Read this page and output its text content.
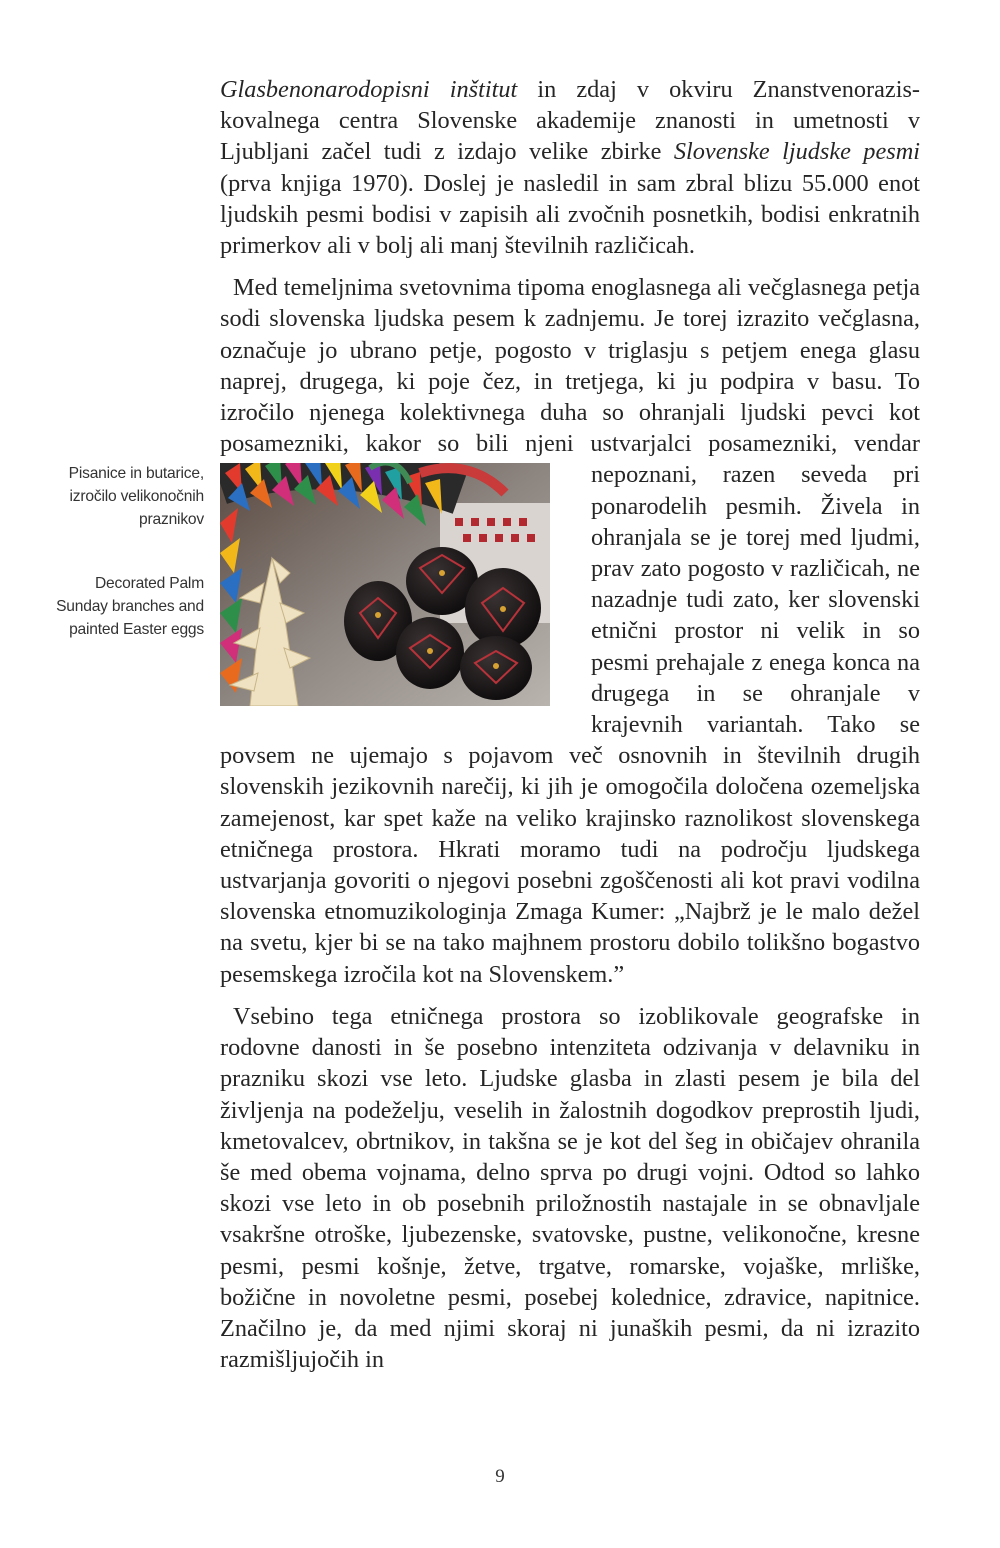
Glasbenonarodopisni inštitut in zdaj v okviru Znanstvenoraziskovalnega centra Slovenske akademije znanosti in umetnosti v Ljubljani začel tudi z izdajo velike zbirke Slovenske ljudske pesmi (prva knjiga 1970). Doslej je nasledil in sam zbral blizu 55.000 enot ljudskih pesmi bodisi v zapisih ali zvočnih posnetkih, bodisi enkratnih primerkov ali v bolj ali manj številnih različicah.

Med temeljnima svetovnima tipoma enoglasnega ali večglasnega petja sodi slovenska ljudska pesem k zadnjemu. Je torej izrazito večglasna, označuje jo ubrano petje, pogosto v triglasju s petjem enega glasu naprej, drugega, ki poje čez, in tretjega, ki ju podpira v basu. To izročilo njenega kolektivnega duha so ohranjali ljudski pevci kot posamezniki, kakor so bili njeni ustvarjalci posamezniki, vendar nepoznani, razen seveda pri ponarodelih pesmih. Živela in ohranjala se je torej med ljudmi, prav zato pogosto v različicah, ne nazadnje tudi zato, ker slovenski etnični prostor ni velik in so pesmi prehajale z enega konca na drugega in se ohranjale v krajevnih variantah. Tako se povsem ne ujemajo s pojavom več osnovnih in številnih drugih slovenskih jezikovnih narečij, ki jih je omogočila določena ozemeljska zamejenost, kar spet kaže na veliko krajinsko raznolikost slovenskega etničnega prostora. Hkrati moramo tudi na področju ljudskega ustvarjanja govoriti o njegovi posebni zgoščenosti ali kot pravi vodilna slovenska etnomuzikologinja Zmaga Kumer: „Najbrž je le malo dežel na svetu, kjer bi se na tako majhnem prostoru dobilo tolikšno bogastvo pesemskega izročila kot na Slovenskem.”

Vsebino tega etničnega prostora so izoblikovale geografske in rodovne danosti in še posebno intenziteta odzivanja v delavniku in prazniku skozi vse leto. Ljudske glasba in zlasti pesem je bila del življenja na podeželju, veselih in žalostnih dogodkov preprostih ljudi, kmetovalcev, obrtnikov, in takšna se je kot del šeg in običajev ohranila še med obema vojnama, delno sprva po drugi vojni. Odtod so lahko skozi vse leto in ob posebnih priložnostih nastajale in se obnavljale vsakršne otroške, ljubezenske, svatovske, pustne, velikonočne, kresne pesmi, pesmi košnje, žetve, trgatve, romarske, vojaške, mrliške, božične in novoletne pesmi, posebej kolednice, zdravice, napitnice. Značilno je, da med njimi skoraj ni junaških pesmi, da ni izrazito razmišljujočih in

Pisanice in butarice, izročilo velikonočnih praznikov
Decorated Palm Sunday branches and painted Easter eggs
9
